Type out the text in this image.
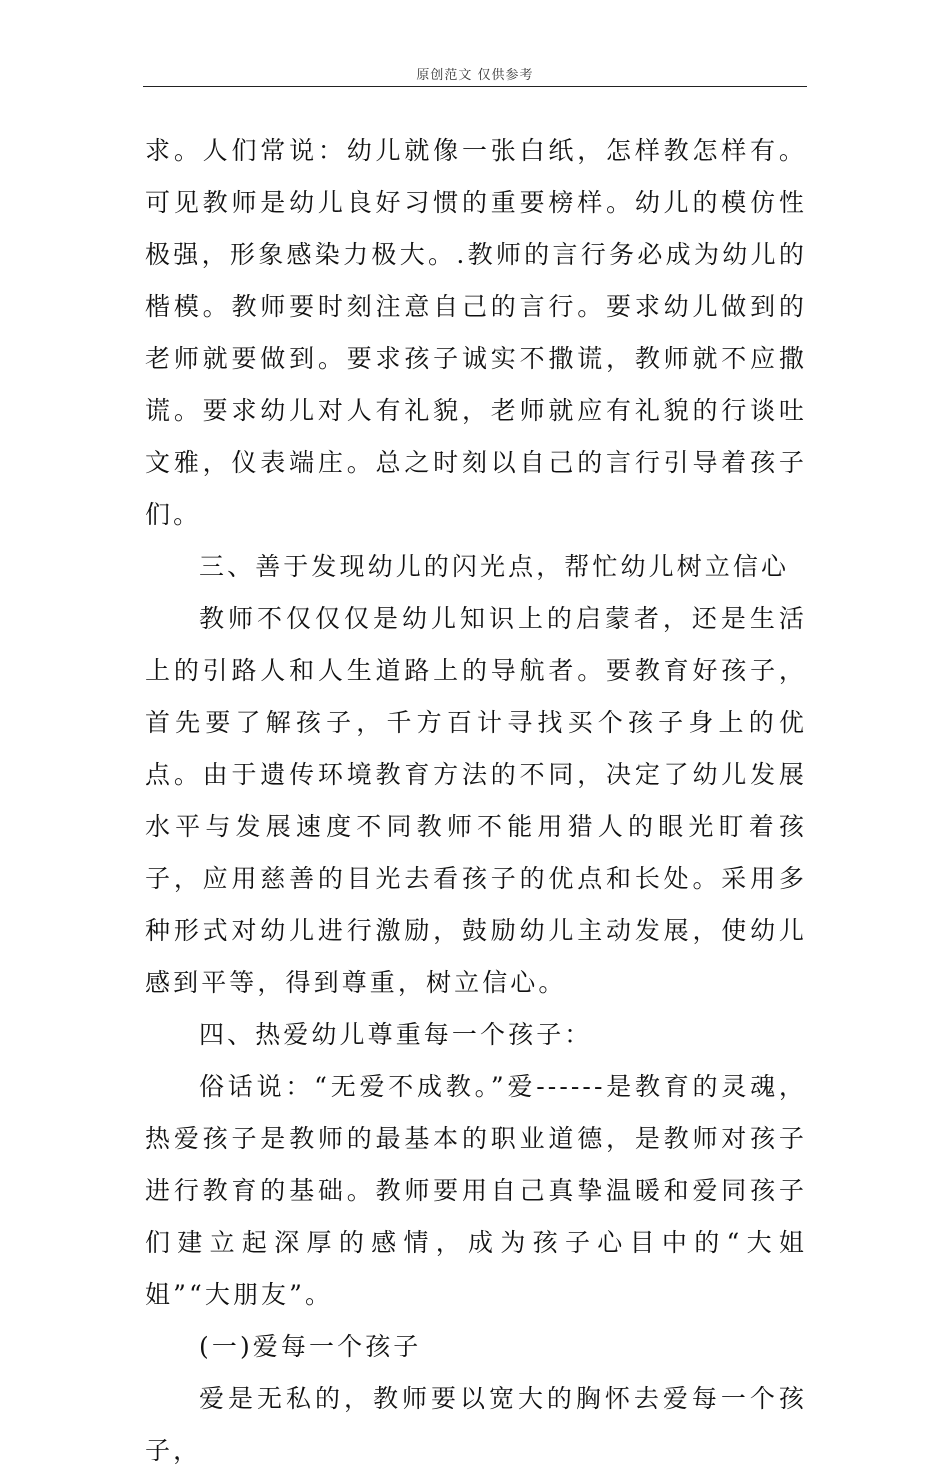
原创范文 仅供参考

求。人们常说：幼儿就像一张白纸，怎样教怎样有。可见教师是幼儿良好习惯的重要榜样。幼儿的模仿性极强，形象感染力极大。.教师的言行务必成为幼儿的楷模。教师要时刻注意自己的言行。要求幼儿做到的老师就要做到。要求孩子诚实不撒谎，教师就不应撒谎。要求幼儿对人有礼貌，老师就应有礼貌的行谈吐文雅，仪表端庄。总之时刻以自己的言行引导着孩子们。

三、善于发现幼儿的闪光点，帮忙幼儿树立信心

教师不仅仅仅是幼儿知识上的启蒙者，还是生活上的引路人和人生道路上的导航者。要教育好孩子，首先要了解孩子，千方百计寻找买个孩子身上的优点。由于遗传环境教育方法的不同，决定了幼儿发展水平与发展速度不同教师不能用猎人的眼光盯着孩子，应用慈善的目光去看孩子的优点和长处。采用多种形式对幼儿进行激励，鼓励幼儿主动发展，使幼儿感到平等，得到尊重，树立信心。

四、热爱幼儿尊重每一个孩子：

俗话说：“无爱不成教。”爱------是教育的灵魂，热爱孩子是教师的最基本的职业道德，是教师对孩子进行教育的基础。教师要用自己真挚温暖和爱同孩子们建立起深厚的感情，成为孩子心目中的“大姐姐”“大朋友”。

(一)爱每一个孩子

爱是无私的，教师要以宽大的胸怀去爱每一个孩子，
